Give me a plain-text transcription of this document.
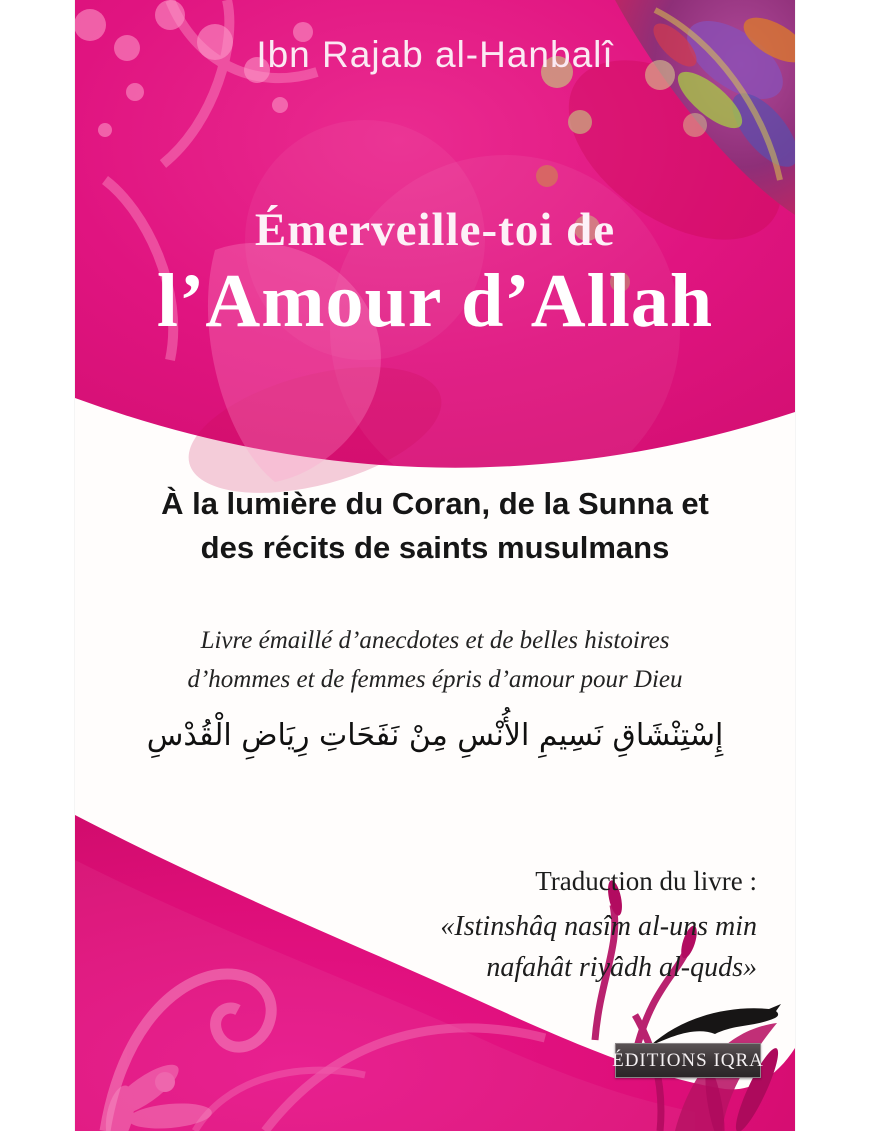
Ibn Rajab al-Hanbalî
Émerveille-toi de
l’Amour d’Allah
À la lumière du Coran, de la Sunna et
des récits de saints musulmans
Livre émaillé d’anecdotes et de belles histoires
d’hommes et de femmes épris d’amour pour Dieu
إِسْتِنْشَاقِ نَسِيمِ الأُنْسِ مِنْ نَفَحَاتِ رِيَاضِ الْقُدْسِ
Traduction du livre :
«Istinshâq nasîm al-uns min
nafahât riyâdh al-quds»
ÉDITIONS IQRA
